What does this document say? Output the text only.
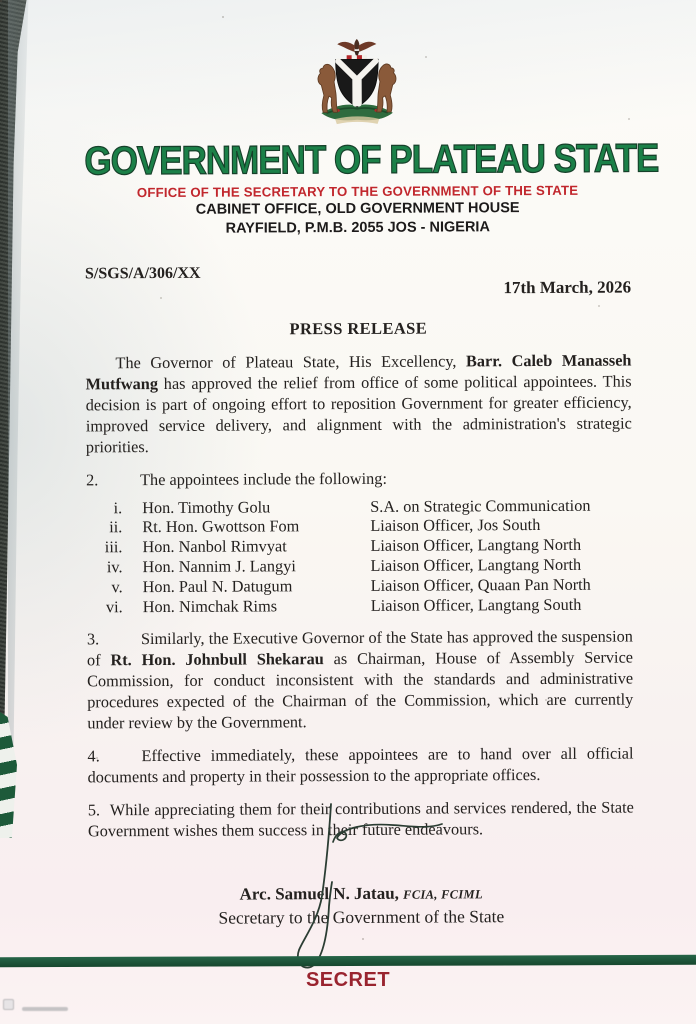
GOVERNMENT OF PLATEAU STATE
OFFICE OF THE SECRETARY TO THE GOVERNMENT OF THE STATE
CABINET OFFICE, OLD GOVERNMENT HOUSE
RAYFIELD, P.M.B. 2055 JOS - NIGERIA
S/SGS/A/306/XX
17th March, 2026
PRESS RELEASE

The Governor of Plateau State, His Excellency, Barr. Caleb Manasseh Mutfwang has approved the relief from office of some political appointees. This decision is part of ongoing effort to reposition Government for greater efficiency, improved service delivery, and alignment with the administration's strategic priorities.

2.	The appointees include the following:

i. Hon. Timothy Golu	S.A. on Strategic Communication
ii. Rt. Hon. Gwottson Fom	Liaison Officer, Jos South
iii. Hon. Nanbol Rimvyat	Liaison Officer, Langtang North
iv. Hon. Nannim J. Langyi	Liaison Officer, Langtang North
v. Hon. Paul N. Datugum	Liaison Officer, Quaan Pan North
vi. Hon. Nimchak Rims	Liaison Officer, Langtang South

3.	Similarly, the Executive Governor of the State has approved the suspension of Rt. Hon. Johnbull Shekarau as Chairman, House of Assembly Service Commission, for conduct inconsistent with the standards and administrative procedures expected of the Chairman of the Commission, which are currently under review by the Government.

4.	Effective immediately, these appointees are to hand over all official documents and property in their possession to the appropriate offices.

5. While appreciating them for their contributions and services rendered, the State Government wishes them success in their future endeavours.

Arc. Samuel N. Jatau, FCIA, FCIML
Secretary to the Government of the State
SECRET
